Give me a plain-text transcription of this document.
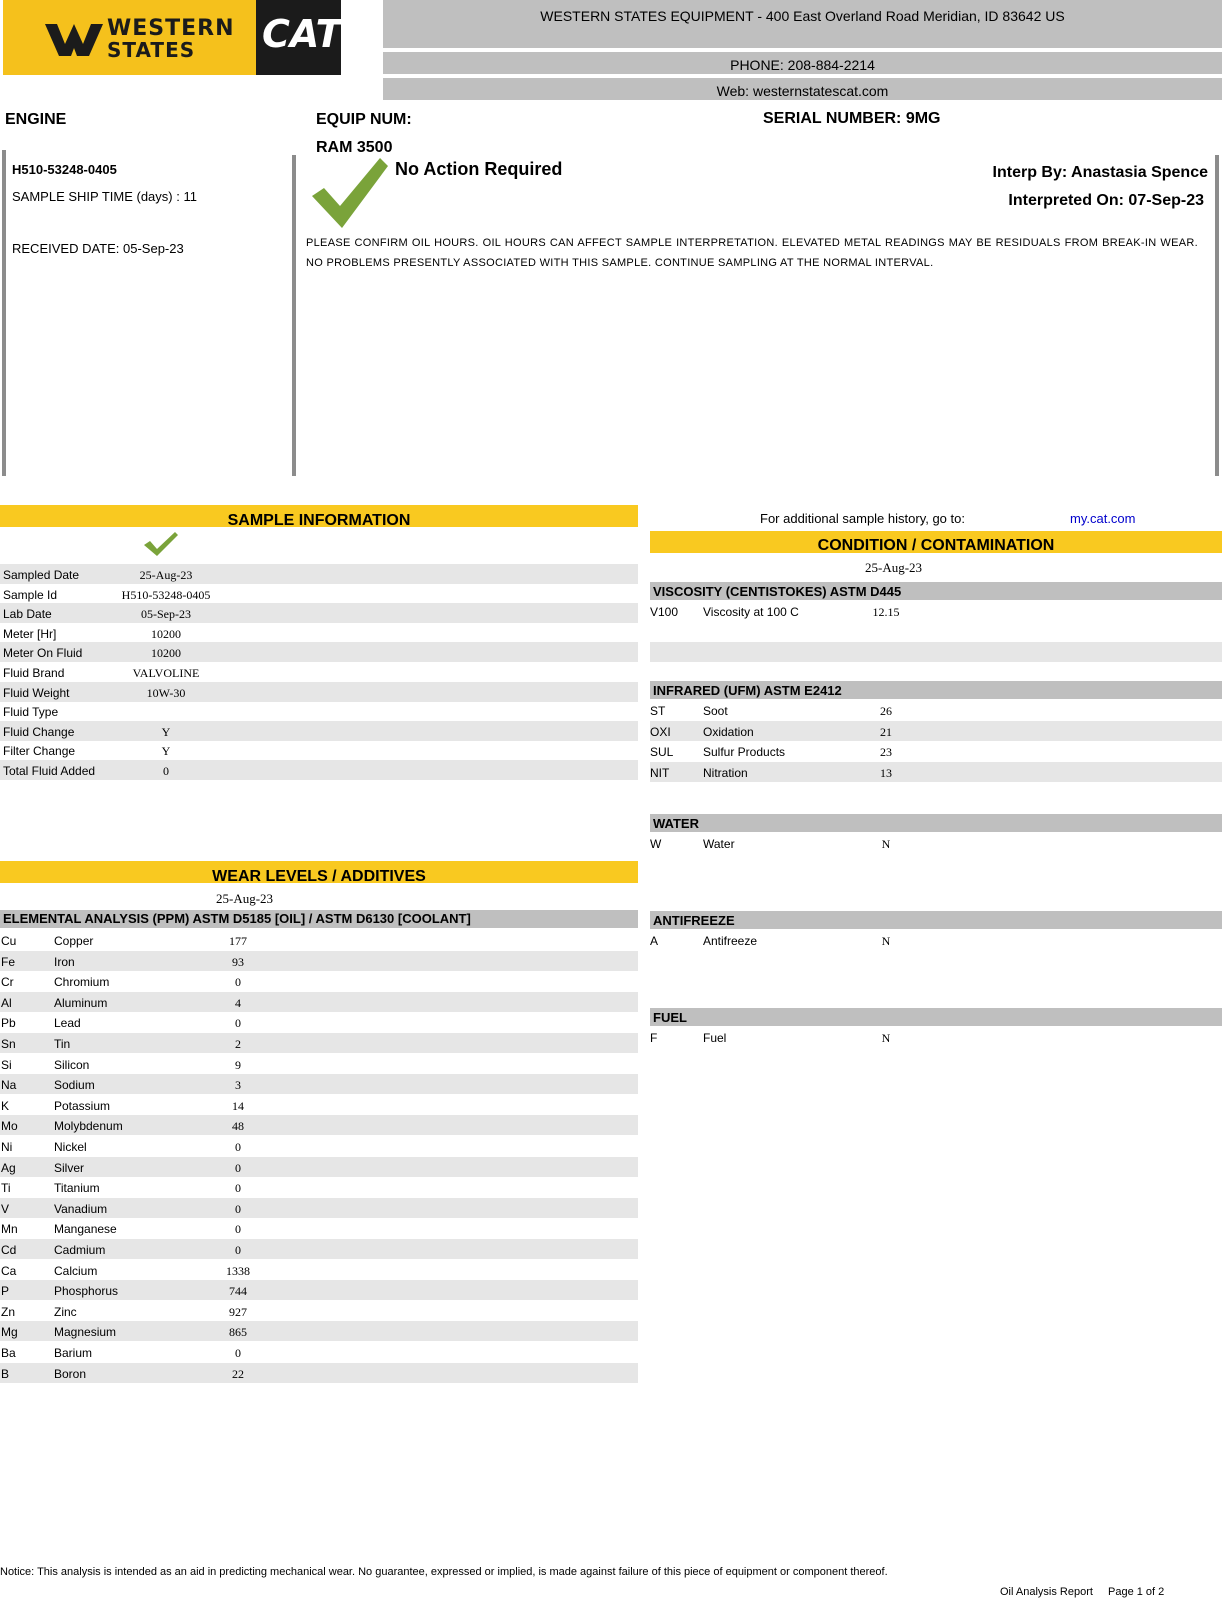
WESTERN
STATES CAT	WESTERN STATES EQUIPMENT - 400 East Overland Road Meridian, ID 83642 US
PHONE: 208-884-2214
Web: westernstatescat.com
ENGINE	EQUIP NUM:	SERIAL NUMBER: 9MG
RAM 3500
H510-53248-0405
SAMPLE SHIP TIME (days) : 11
RECEIVED DATE: 05-Sep-23
No Action Required	Interp By: Anastasia Spence
Interpreted On: 07-Sep-23
PLEASE CONFIRM OIL HOURS. OIL HOURS CAN AFFECT SAMPLE INTERPRETATION. ELEVATED METAL READINGS MAY BE RESIDUALS FROM BREAK-IN WEAR. NO PROBLEMS PRESENTLY ASSOCIATED WITH THIS SAMPLE. CONTINUE SAMPLING AT THE NORMAL INTERVAL.
SAMPLE INFORMATION
Sampled Date	25-Aug-23
Sample Id	H510-53248-0405
Lab Date	05-Sep-23
Meter [Hr]	10200
Meter On Fluid	10200
Fluid Brand	VALVOLINE
Fluid Weight	10W-30
Fluid Type
Fluid Change	Y
Filter Change	Y
Total Fluid Added	0
For additional sample history, go to:	my.cat.com
CONDITION / CONTAMINATION
25-Aug-23
VISCOSITY (CENTISTOKES) ASTM D445
V100 Viscosity at 100 C	12.15
INFRARED (UFM) ASTM E2412
ST	Soot	26
OXI	Oxidation	21
SUL Sulfur Products	23
NIT	Nitration	13
WATER
W	Water	N
ANTIFREEZE
A	Antifreeze	N
FUEL
F	Fuel	N
WEAR LEVELS / ADDITIVES
25-Aug-23
ELEMENTAL ANALYSIS (PPM) ASTM D5185 [OIL] / ASTM D6130 [COOLANT]
Cu	Copper	177
Fe	Iron	93
Cr	Chromium	0
Al	Aluminum	4
Pb	Lead	0
Sn	Tin	2
Si	Silicon	9
Na	Sodium	3
K	Potassium	14
Mo	Molybdenum	48
Ni	Nickel	0
Ag	Silver	0
Ti	Titanium	0
V	Vanadium	0
Mn	Manganese	0
Cd	Cadmium	0
Ca	Calcium	1338
P	Phosphorus	744
Zn	Zinc	927
Mg	Magnesium	865
Ba	Barium	0
B	Boron	22
Notice: This analysis is intended as an aid in predicting mechanical wear. No guarantee, expressed or implied, is made against failure of this piece of equipment or component thereof.
Oil Analysis Report Page 1 of 2
